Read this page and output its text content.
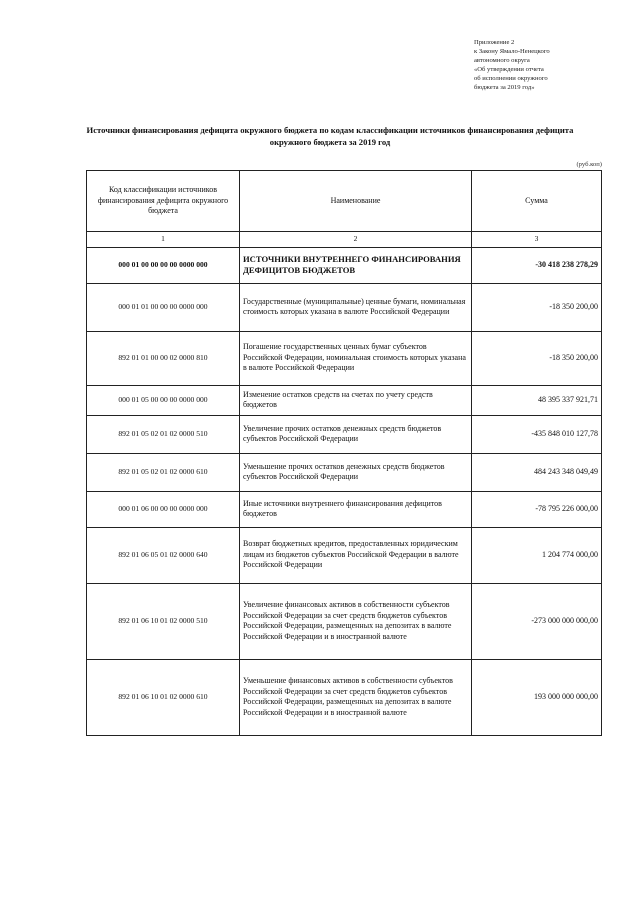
Приложение 2
к Закону Ямало-Ненецкого
автономного округа
«Об утверждении отчета
об исполнении окружного
бюджета за 2019 год»
Источники финансирования дефицита окружного бюджета по кодам классификации источников финансирования дефицита окружного бюджета за 2019 год
(руб.коп)
Код классификации источников финансирования дефицита окружного бюджета	Наименование	Сумма
1	2	3
000 01 00 00 00 00 0000 000	ИСТОЧНИКИ ВНУТРЕННЕГО ФИНАНСИРОВАНИЯ ДЕФИЦИТОВ БЮДЖЕТОВ	-30 418 238 278,29
000 01 01 00 00 00 0000 000	Государственные (муниципальные) ценные бумаги, номинальная стоимость которых указана в валюте Российской Федерации	-18 350 200,00
892 01 01 00 00 02 0000 810	Погашение государственных ценных бумаг субъектов Российской Федерации, номинальная стоимость которых указана в валюте Российской Федерации	-18 350 200,00
000 01 05 00 00 00 0000 000	Изменение остатков средств на счетах по учету средств бюджетов	48 395 337 921,71
892 01 05 02 01 02 0000 510	Увеличение прочих остатков денежных средств бюджетов субъектов Российской Федерации	-435 848 010 127,78
892 01 05 02 01 02 0000 610	Уменьшение прочих остатков денежных средств бюджетов субъектов Российской Федерации	484 243 348 049,49
000 01 06 00 00 00 0000 000	Иные источники внутреннего финансирования дефицитов бюджетов	-78 795 226 000,00
892 01 06 05 01 02 0000 640	Возврат бюджетных кредитов, предоставленных юридическим лицам из бюджетов субъектов Российской Федерации в валюте Российской Федерации	1 204 774 000,00
892 01 06 10 01 02 0000 510	Увеличение финансовых активов в собственности субъектов Российской Федерации за счет средств бюджетов субъектов Российской Федерации, размещенных на депозитах в валюте Российской Федерации и в иностранной валюте	-273 000 000 000,00
892 01 06 10 01 02 0000 610	Уменьшение финансовых активов в собственности субъектов Российской Федерации за счет средств бюджетов субъектов Российской Федерации, размещенных на депозитах в валюте Российской Федерации и в иностранной валюте	193 000 000 000,00
